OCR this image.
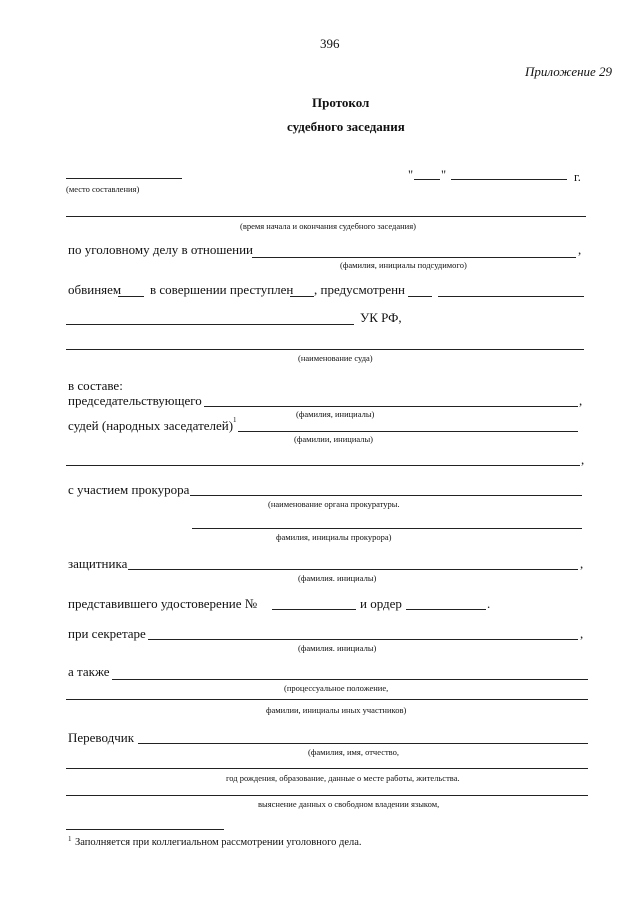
396
Приложение 29
Протокол
судебного заседания
(место составления)
" "	г.
(время начала и окончания судебного заседания)
по уголовному делу в отношении	,
(фамилия, инициалы подсудимого)
обвиняем в совершении преступлен , предусмотренн
УК РФ,
(наименование суда)
в составе:
председательствующего	,
(фамилия, инициалы)
судей (народных заседателей) 1
(фамилии, инициалы)
,
с участием прокурора
(наименование органа прокуратуры.
фамилия, инициалы прокурора)
защитника	,
(фамилия. инициалы)
представившего удостоверение №	и ордер	.
при секретаре	,
(фамилия. инициалы)
а также
(процессуальное положение,
фамилии, инициалы иных участников)
Переводчик
(фамилия, имя, отчество,
год рождения, образование, данные о месте работы, жительства.
выяснение данных о свободном владении языком,
1 Заполняется при коллегиальном рассмотрении уголовного дела.
